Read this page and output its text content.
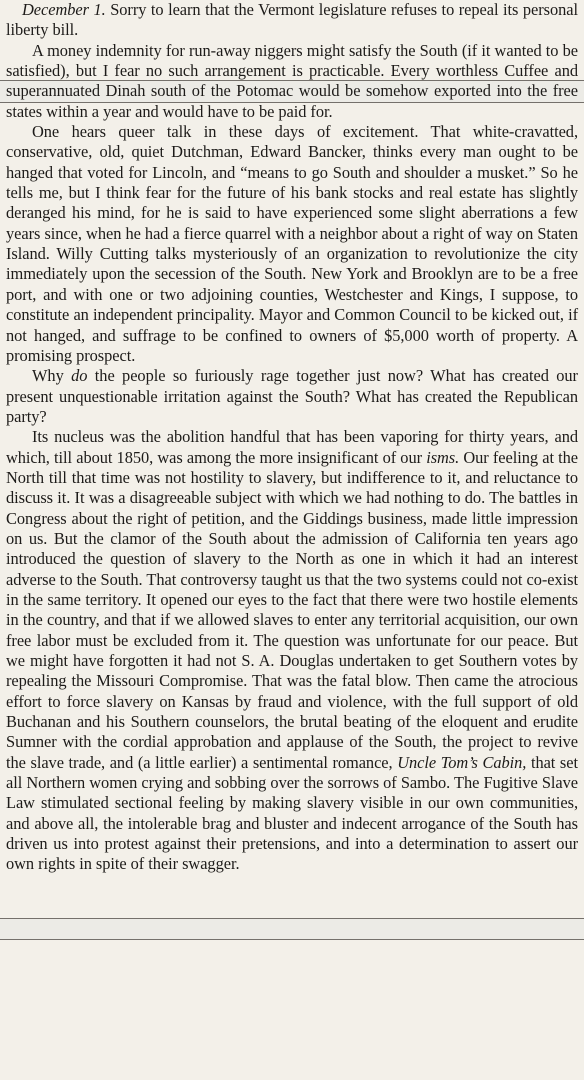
December 1. Sorry to learn that the Vermont legislature refuses to repeal its personal liberty bill.

A money indemnity for run-away niggers might satisfy the South (if it wanted to be satisfied), but I fear no such arrangement is practicable. Every worthless Cuffee and superannuated Dinah south of the Potomac would be somehow exported into the free states within a year and would have to be paid for.

One hears queer talk in these days of excitement. That white-cravatted, conservative, old, quiet Dutchman, Edward Bancker, thinks every man ought to be hanged that voted for Lincoln, and “means to go South and shoulder a musket.” So he tells me, but I think fear for the future of his bank stocks and real estate has slightly deranged his mind, for he is said to have experienced some slight aberrations a few years since, when he had a fierce quarrel with a neighbor about a right of way on Staten Island. Willy Cutting talks mysteriously of an organization to revolutionize the city immediately upon the secession of the South. New York and Brooklyn are to be a free port, and with one or two adjoining counties, Westchester and Kings, I suppose, to constitute an independent principality. Mayor and Common Council to be kicked out, if not hanged, and suffrage to be confined to owners of $5,000 worth of property. A promising prospect.

Why do the people so furiously rage together just now? What has created our present unquestionable irritation against the South? What has created the Republican party?

Its nucleus was the abolition handful that has been vaporing for thirty years, and which, till about 1850, was among the more insignificant of our isms. Our feeling at the North till that time was not hostility to slavery, but indifference to it, and reluctance to discuss it. It was a disagreeable subject with which we had nothing to do. The battles in Congress about the right of petition, and the Giddings business, made little impression on us. But the clamor of the South about the admission of California ten years ago introduced the question of slavery to the North as one in which it had an interest adverse to the South. That controversy taught us that the two systems could not co-exist in the same territory. It opened our eyes to the fact that there were two hostile elements in the country, and that if we allowed slaves to enter any territorial acquisition, our own free labor must be excluded from it. The question was unfortunate for our peace. But we might have forgotten it had not S. A. Douglas undertaken to get Southern votes by repealing the Missouri Compromise. That was the fatal blow. Then came the atrocious effort to force slavery on Kansas by fraud and violence, with the full support of old Buchanan and his Southern counselors, the brutal beating of the eloquent and erudite Sumner with the cordial approbation and applause of the South, the project to revive the slave trade, and (a little earlier) a sentimental romance, Uncle Tom’s Cabin, that set all Northern women crying and sobbing over the sorrows of Sambo. The Fugitive Slave Law stimulated sectional feeling by making slavery visible in our own communities, and above all, the intolerable brag and bluster and indecent arrogance of the South has driven us into protest against their pretensions, and into a determination to assert our own rights in spite of their swagger.
